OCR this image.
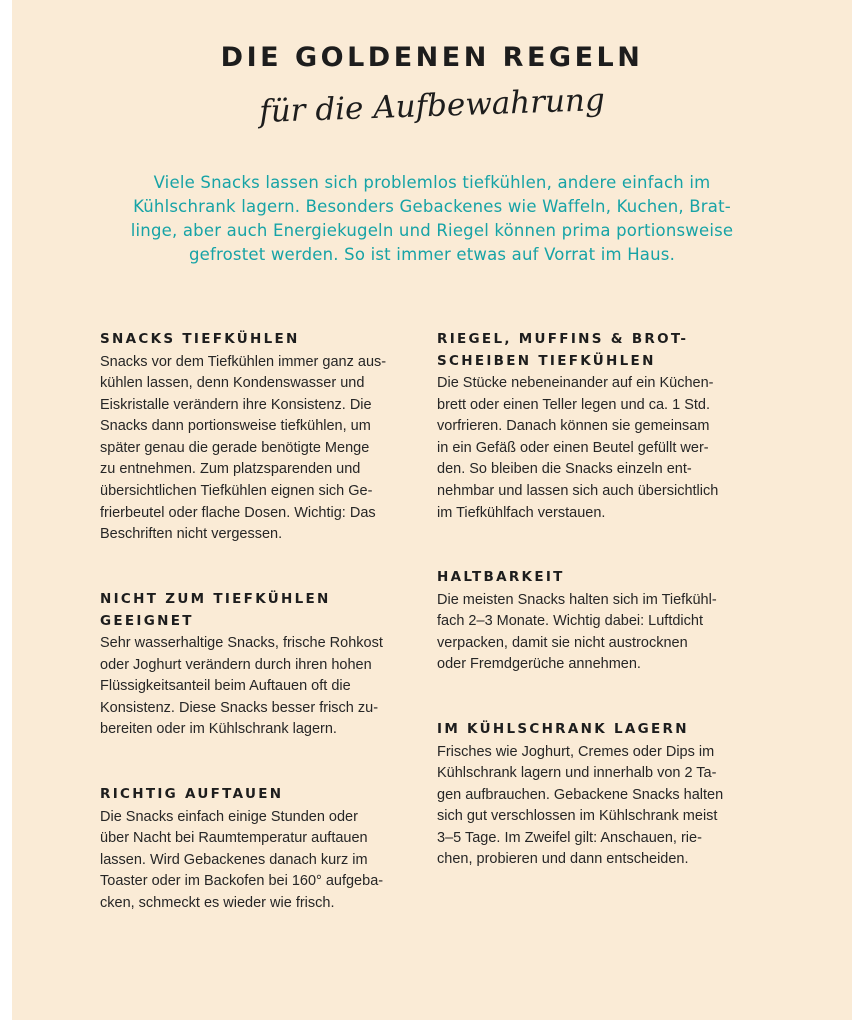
DIE GOLDENEN REGELN
für die Aufbewahrung

Viele Snacks lassen sich problemlos tiefkühlen, andere einfach im
Kühlschrank lagern. Besonders Gebackenes wie Waffeln, Kuchen, Brat-
linge, aber auch Energiekugeln und Riegel können prima portionsweise
gefrostet werden. So ist immer etwas auf Vorrat im Haus.

SNACKS TIEFKÜHLEN

Snacks vor dem Tiefkühlen immer ganz aus-
kühlen lassen, denn Kondenswasser und
Eiskristalle verändern ihre Konsistenz. Die
Snacks dann portionsweise tiefkühlen, um
später genau die gerade benötigte Menge
zu entnehmen. Zum platzsparenden und
übersichtlichen Tiefkühlen eignen sich Ge-
frierbeutel oder flache Dosen. Wichtig: Das
Beschriften nicht vergessen.

NICHT ZUM TIEFKÜHLEN
GEEIGNET

Sehr wasserhaltige Snacks, frische Rohkost
oder Joghurt verändern durch ihren hohen
Flüssigkeitsanteil beim Auftauen oft die
Konsistenz. Diese Snacks besser frisch zu-
bereiten oder im Kühlschrank lagern.

RICHTIG AUFTAUEN

Die Snacks einfach einige Stunden oder
über Nacht bei Raumtemperatur auftauen
lassen. Wird Gebackenes danach kurz im
Toaster oder im Backofen bei 160° aufgeba-
cken, schmeckt es wieder wie frisch.

RIEGEL, MUFFINS & BROT-
SCHEIBEN TIEFKÜHLEN

Die Stücke nebeneinander auf ein Küchen-
brett oder einen Teller legen und ca. 1 Std.
vorfrieren. Danach können sie gemeinsam
in ein Gefäß oder einen Beutel gefüllt wer-
den. So bleiben die Snacks einzeln ent-
nehmbar und lassen sich auch übersichtlich
im Tiefkühlfach verstauen.

HALTBARKEIT

Die meisten Snacks halten sich im Tiefkühl-
fach 2–3 Monate. Wichtig dabei: Luftdicht
verpacken, damit sie nicht austrocknen
oder Fremdgerüche annehmen.

IM KÜHLSCHRANK LAGERN

Frisches wie Joghurt, Cremes oder Dips im
Kühlschrank lagern und innerhalb von 2 Ta-
gen aufbrauchen. Gebackene Snacks halten
sich gut verschlossen im Kühlschrank meist
3–5 Tage. Im Zweifel gilt: Anschauen, rie-
chen, probieren und dann entscheiden.
